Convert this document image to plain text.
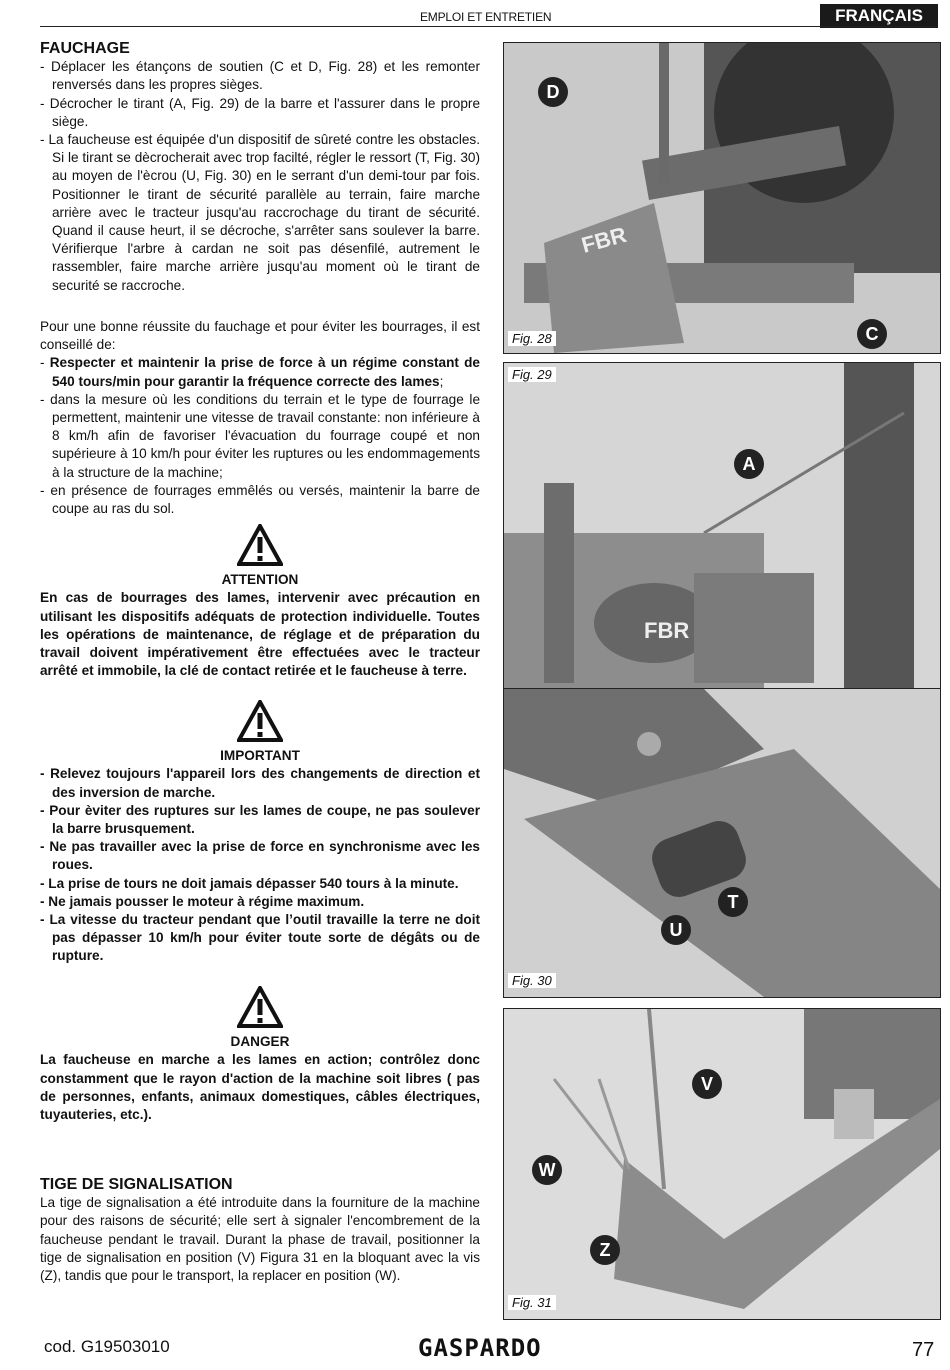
EMPLOI ET ENTRETIEN	FRANÇAIS
FAUCHAGE
- Déplacer les étançons de soutien (C et D, Fig. 28) et les remonter renversés dans les propres sièges.
- Décrocher le tirant (A, Fig. 29) de la barre et l'assurer dans le propre siège.
- La faucheuse est équipée d'un dispositif de sûreté contre les obstacles. Si le tirant se dècrocherait avec trop facilté, régler le ressort (T, Fig. 30) au moyen de l'ècrou (U, Fig. 30) en le serrant d'un demi-tour par fois. Positionner le tirant de sécurité parallèle au terrain, faire marche arrière avec le tracteur jusqu'au raccrochage du tirant de sécurité. Quand il cause heurt, il se décroche, s'arrêter sans soulever la barre. Vérifierque l'arbre à cardan ne soit pas désenfilé, autrement le rassembler, faire marche arrière jusqu'au moment où le tirant de securité se raccroche.

Pour une bonne réussite du fauchage et pour éviter les bourrages, il est conseillé de:

- Respecter et maintenir la prise de force à un régime constant de 540 tours/min pour garantir la fréquence correcte des lames;
- dans la mesure où les conditions du terrain et le type de fourrage le permettent, maintenir une vitesse de travail constante: non inférieure à 8 km/h afin de favoriser l'évacuation du fourrage coupé et non supérieure à 10 km/h pour éviter les ruptures ou les endommagements à la structure de la machine;
- en présence de fourrages emmêlés ou versés, maintenir la barre de coupe au ras du sol.
ATTENTION

En cas de bourrages des lames, intervenir avec précaution en utilisant les dispositifs adéquats de protection individuelle. Toutes les opérations de maintenance, de réglage et de préparation du travail doivent impérativement être effectuées avec le tracteur arrêté et immobile, la clé de contact retirée et le faucheuse à terre.

IMPORTANT
- Relevez toujours l'appareil lors des changements de direction et des inversion de marche.
- Pour èviter des ruptures sur les lames de coupe, ne pas soulever la barre brusquement.
- Ne pas travailler avec la prise de force en synchronisme avec les roues.
- La prise de tours ne doit jamais dépasser 540 tours à la minute.
- Ne jamais pousser le moteur à régime maximum.
- La vitesse du tracteur pendant que l’outil travaille la terre ne doit pas dépasser 10 km/h pour éviter toute sorte de dégâts ou de rupture.
DANGER

La faucheuse en marche a les lames en action; contrôlez donc constamment que le rayon d'action de la machine soit libres ( pas de personnes, enfants, animaux domestiques, câbles électriques, tuyauteries, etc.).

TIGE DE SIGNALISATION

La tige de signalisation a été introduite dans la fourniture de la machine pour des raisons de sécurité; elle sert à signaler l'encombrement de la faucheuse pendant le travail. Durant la phase de travail, positionner la tige de signalisation en position (V) Figura 31 en la bloquant avec la vis (Z), tandis que pour le transport, la replacer en position (W).

FBR
D
C
Fig. 28
FBR
A
Fig. 29
T
U
Fig. 30
V
W
Z
Fig. 31
cod. G19503010	GASPARDO	77
